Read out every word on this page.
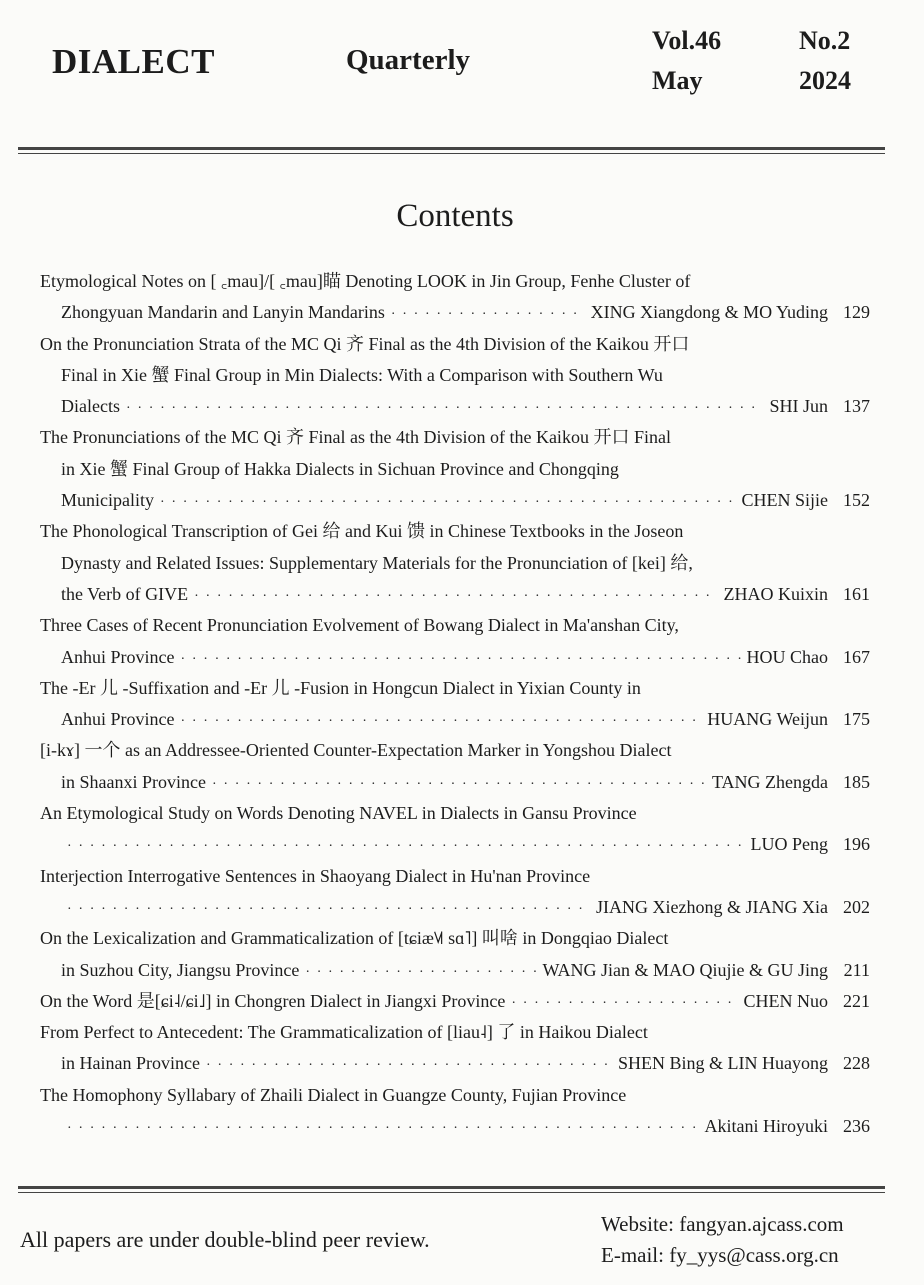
DIALECT	Quarterly
Vol.46
May
No.2
2024
Contents
Etymological Notes on [ ꜀mau]/[ ꜀mau]瞄 Denoting LOOK in Jin Group, Fenhe Cluster of
Zhongyuan Mandarin and Lanyin Mandarins · · ·	XING Xiangdong & MO Yuding 129
On the Pronunciation Strata of the MC Qi 齐 Final as the 4th Division of the Kaikou 开口
Final in Xie 蟹 Final Group in Min Dialects: With a Comparison with Southern Wu
Dialects · · ·	SHI Jun 137
The Pronunciations of the MC Qi 齐 Final as the 4th Division of the Kaikou 开口 Final
in Xie 蟹 Final Group of Hakka Dialects in Sichuan Province and Chongqing
Municipality · · ·	CHEN Sijie 152
The Phonological Transcription of Gei 给 and Kui 馈 in Chinese Textbooks in the Joseon
Dynasty and Related Issues: Supplementary Materials for the Pronunciation of [kei] 给,
the Verb of GIVE · · ·	ZHAO Kuixin 161
Three Cases of Recent Pronunciation Evolvement of Bowang Dialect in Ma'anshan City,
Anhui Province · · ·	HOU Chao 167
The -Er 儿 -Suffixation and -Er 儿 -Fusion in Hongcun Dialect in Yixian County in
Anhui Province · · ·	HUANG Weijun 175
[i-kɤ] 一个 as an Addressee-Oriented Counter-Expectation Marker in Yongshou Dialect
in Shaanxi Province · · ·	TANG Zhengda 185
An Etymological Study on Words Denoting NAVEL in Dialects in Gansu Province
· · ·
LUO Peng 196
Interjection Interrogative Sentences in Shaoyang Dialect in Hu'nan Province
· · ·
JIANG Xiezhong & JIANG Xia 202
On the Lexicalization and Grammaticalization of [tɕiæ˥˩˦ sɑ˥] 叫啥 in Dongqiao Dialect
in Suzhou City, Jiangsu Province · · ·	WANG Jian & MAO Qiujie & GU Jing 211
On the Word 是[ɕi˨/ɕi˩] in Chongren Dialect in Jiangxi Province · · ·	CHEN Nuo 221
From Perfect to Antecedent: The Grammaticalization of [liau˨] 了 in Haikou Dialect
in Hainan Province · · ·	SHEN Bing & LIN Huayong 228
The Homophony Syllabary of Zhaili Dialect in Guangze County, Fujian Province
· · ·
Akitani Hiroyuki 236
All papers are under double-blind peer review.
Website: fangyan.ajcass.com
E-mail: fy_yys@cass.org.cn
